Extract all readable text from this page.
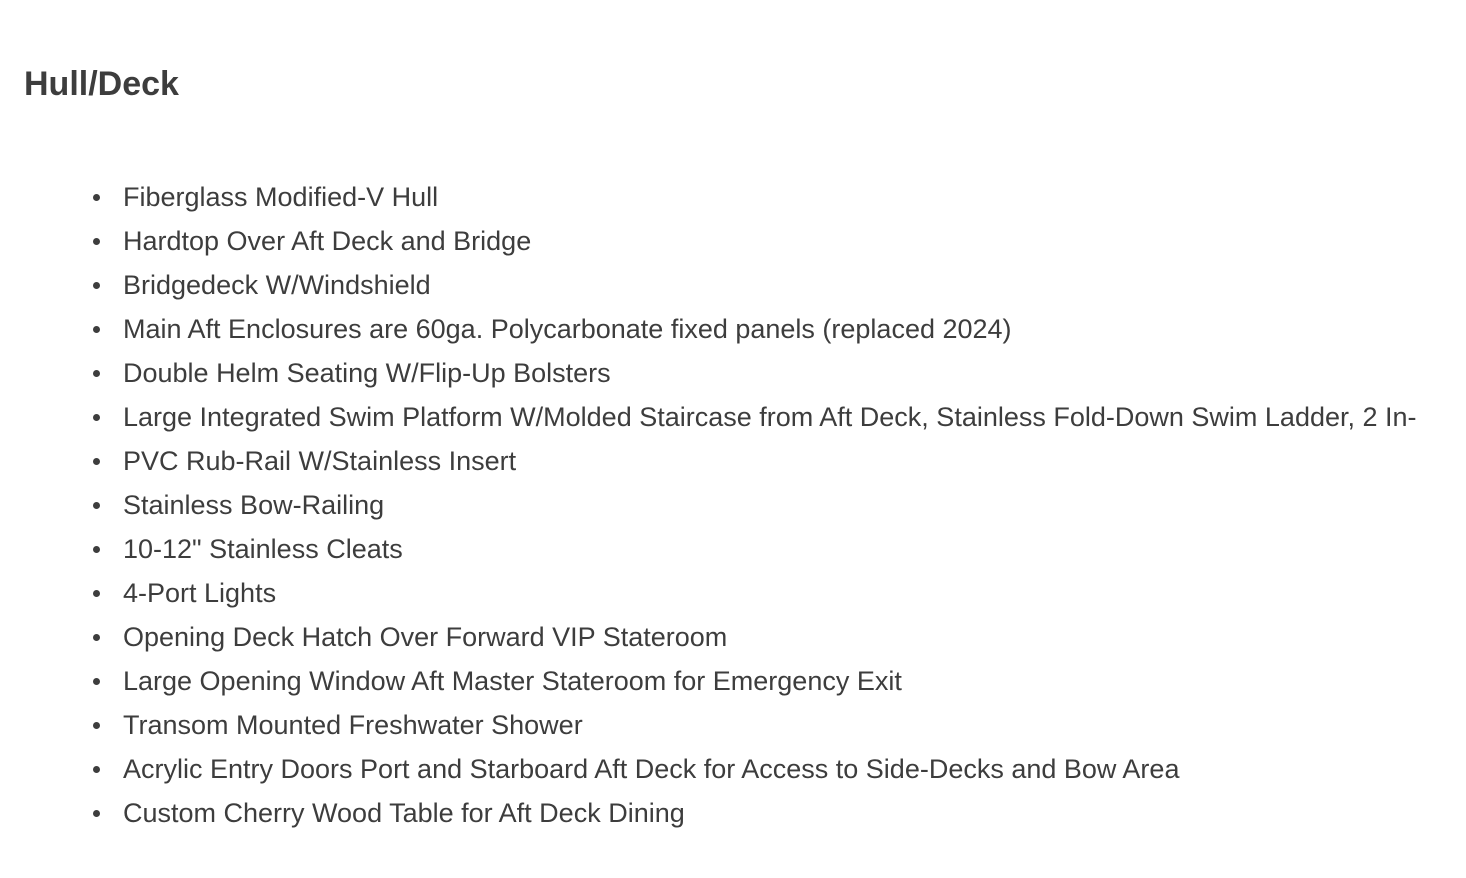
Hull/Deck
Fiberglass Modified-V Hull
Hardtop Over Aft Deck and Bridge
Bridgedeck W/Windshield
Main Aft Enclosures are 60ga. Polycarbonate fixed panels (replaced 2024)
Double Helm Seating W/Flip-Up Bolsters
Large Integrated Swim Platform W/Molded Staircase from Aft Deck, Stainless Fold-Down Swim Ladder, 2 In-
PVC Rub-Rail W/Stainless Insert
Stainless Bow-Railing
10-12" Stainless Cleats
4-Port Lights
Opening Deck Hatch Over Forward VIP Stateroom
Large Opening Window Aft Master Stateroom for Emergency Exit
Transom Mounted Freshwater Shower
Acrylic Entry Doors Port and Starboard Aft Deck for Access to Side-Decks and Bow Area
Custom Cherry Wood Table for Aft Deck Dining
